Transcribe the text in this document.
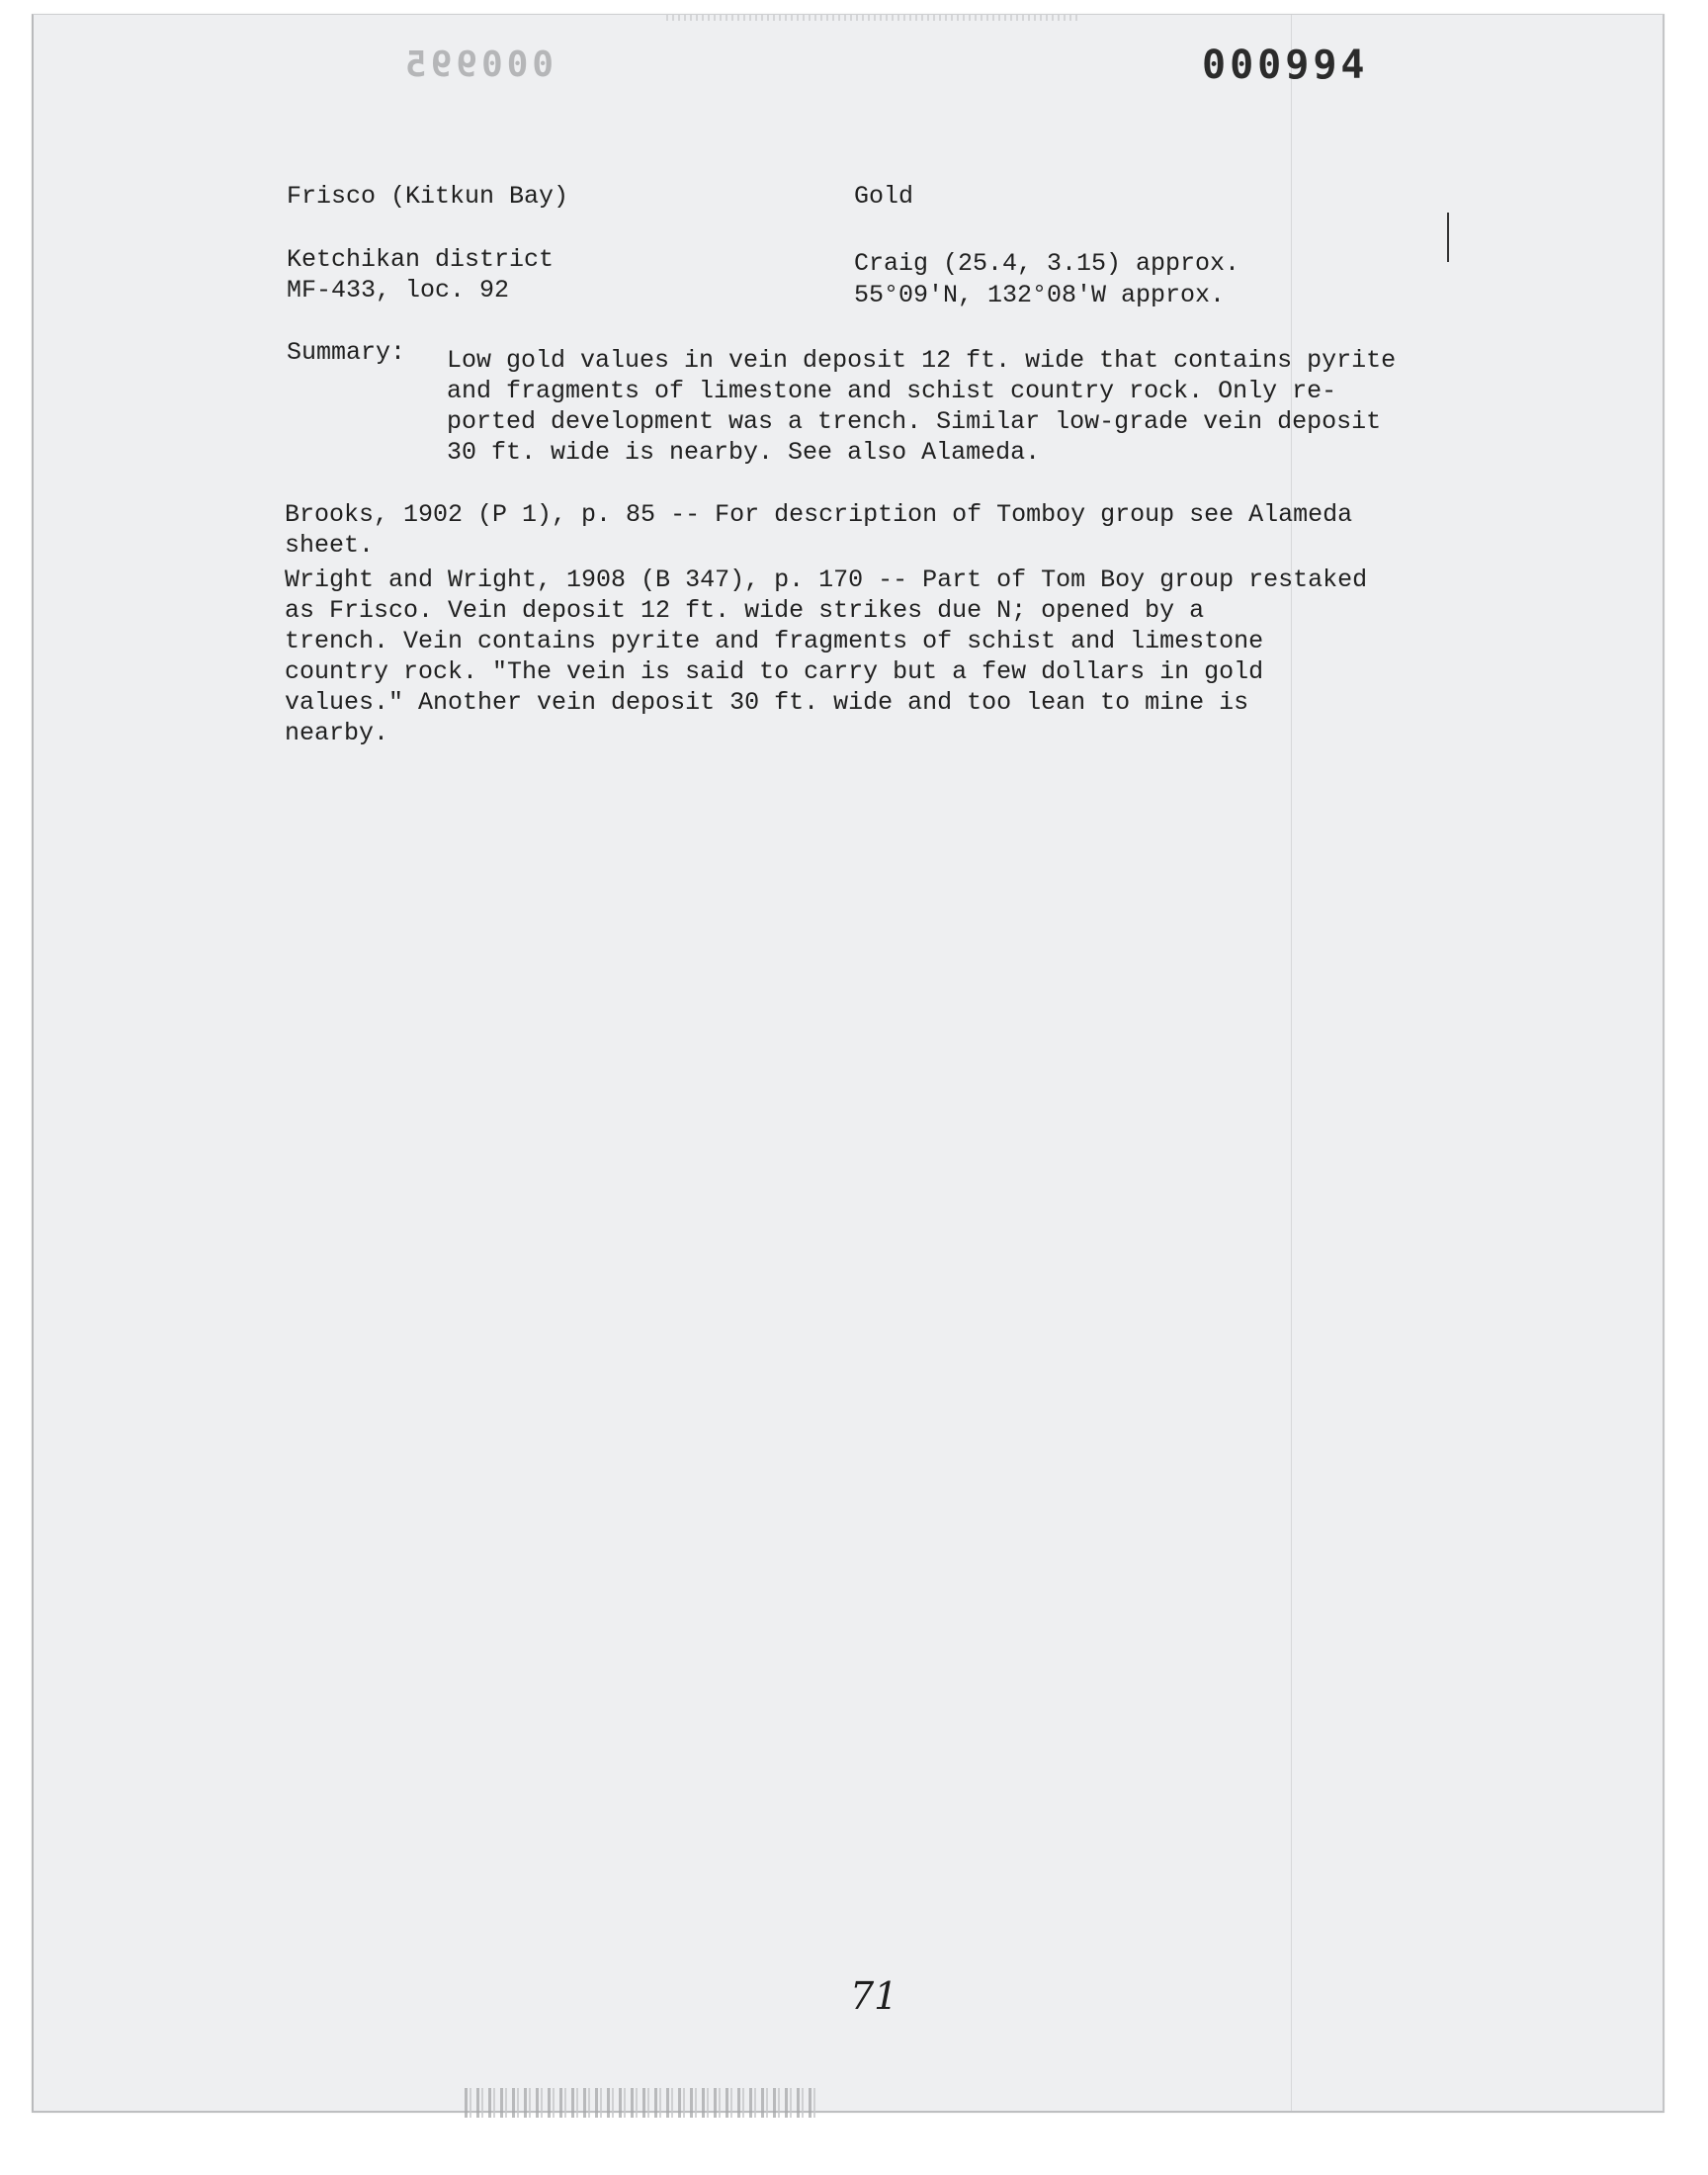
000995	000994
Frisco (Kitkun Bay)	Gold
Ketchikan district
MF-433, loc. 92
Craig (25.4, 3.15) approx.
55°09'N, 132°08'W approx.
Summary: Low gold values in vein deposit 12 ft. wide that contains pyrite
and fragments of limestone and schist country rock. Only re-
ported development was a trench. Similar low-grade vein deposit
30 ft. wide is nearby. See also Alameda.
Brooks, 1902 (P 1), p. 85 -- For description of Tomboy group see Alameda
sheet.
Wright and Wright, 1908 (B 347), p. 170 -- Part of Tom Boy group restaked
as Frisco. Vein deposit 12 ft. wide strikes due N; opened by a
trench. Vein contains pyrite and fragments of schist and limestone
country rock. "The vein is said to carry but a few dollars in gold
values." Another vein deposit 30 ft. wide and too lean to mine is
nearby.
71
